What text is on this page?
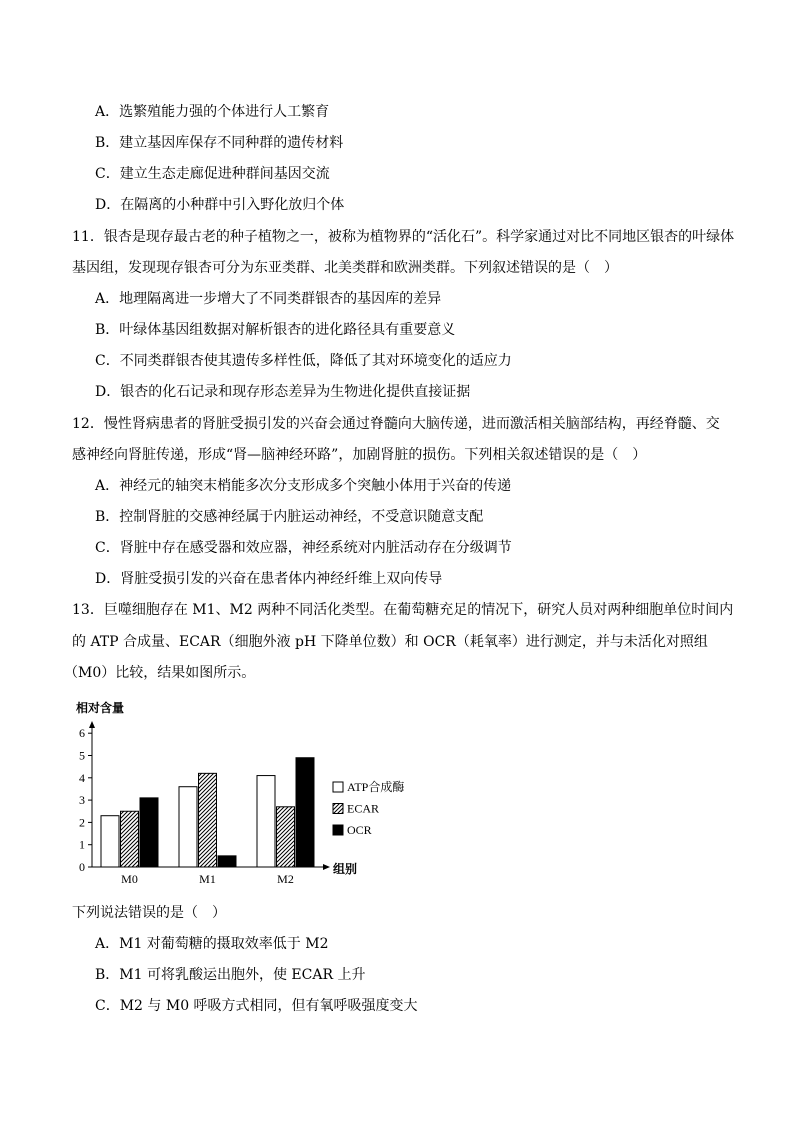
A．选繁殖能力强的个体进行人工繁育
B．建立基因库保存不同种群的遗传材料
C．建立生态走廊促进种群间基因交流
D．在隔离的小种群中引入野化放归个体
11．银杏是现存最古老的种子植物之一，被称为植物界的“活化石”。科学家通过对比不同地区银杏的叶绿体
基因组，发现现存银杏可分为东亚类群、北美类群和欧洲类群。下列叙述错误的是（　）
A．地理隔离进一步增大了不同类群银杏的基因库的差异
B．叶绿体基因组数据对解析银杏的进化路径具有重要意义
C．不同类群银杏使其遗传多样性低，降低了其对环境变化的适应力
D．银杏的化石记录和现存形态差异为生物进化提供直接证据
12．慢性肾病患者的肾脏受损引发的兴奋会通过脊髓向大脑传递，进而激活相关脑部结构，再经脊髓、交
感神经向肾脏传递，形成“肾—脑神经环路”，加剧肾脏的损伤。下列相关叙述错误的是（　）
A．神经元的轴突末梢能多次分支形成多个突触小体用于兴奋的传递
B．控制肾脏的交感神经属于内脏运动神经，不受意识随意支配
C．肾脏中存在感受器和效应器，神经系统对内脏活动存在分级调节
D．肾脏受损引发的兴奋在患者体内神经纤维上双向传导
13．巨噬细胞存在 M1、M2 两种不同活化类型。在葡萄糖充足的情况下，研究人员对两种细胞单位时间内
的 ATP 合成量、ECAR（细胞外液 pH 下降单位数）和 OCR（耗氧率）进行测定，并与未活化对照组
（M0）比较，结果如图所示。
相对含量
组别
0
1
2
3
4
5
6
M0	M1	M2
ATP合成酶
ECAR
OCR
下列说法错误的是（　）
A．M1 对葡萄糖的摄取效率低于 M2
B．M1 可将乳酸运出胞外，使 ECAR 上升
C．M2 与 M0 呼吸方式相同，但有氧呼吸强度变大
